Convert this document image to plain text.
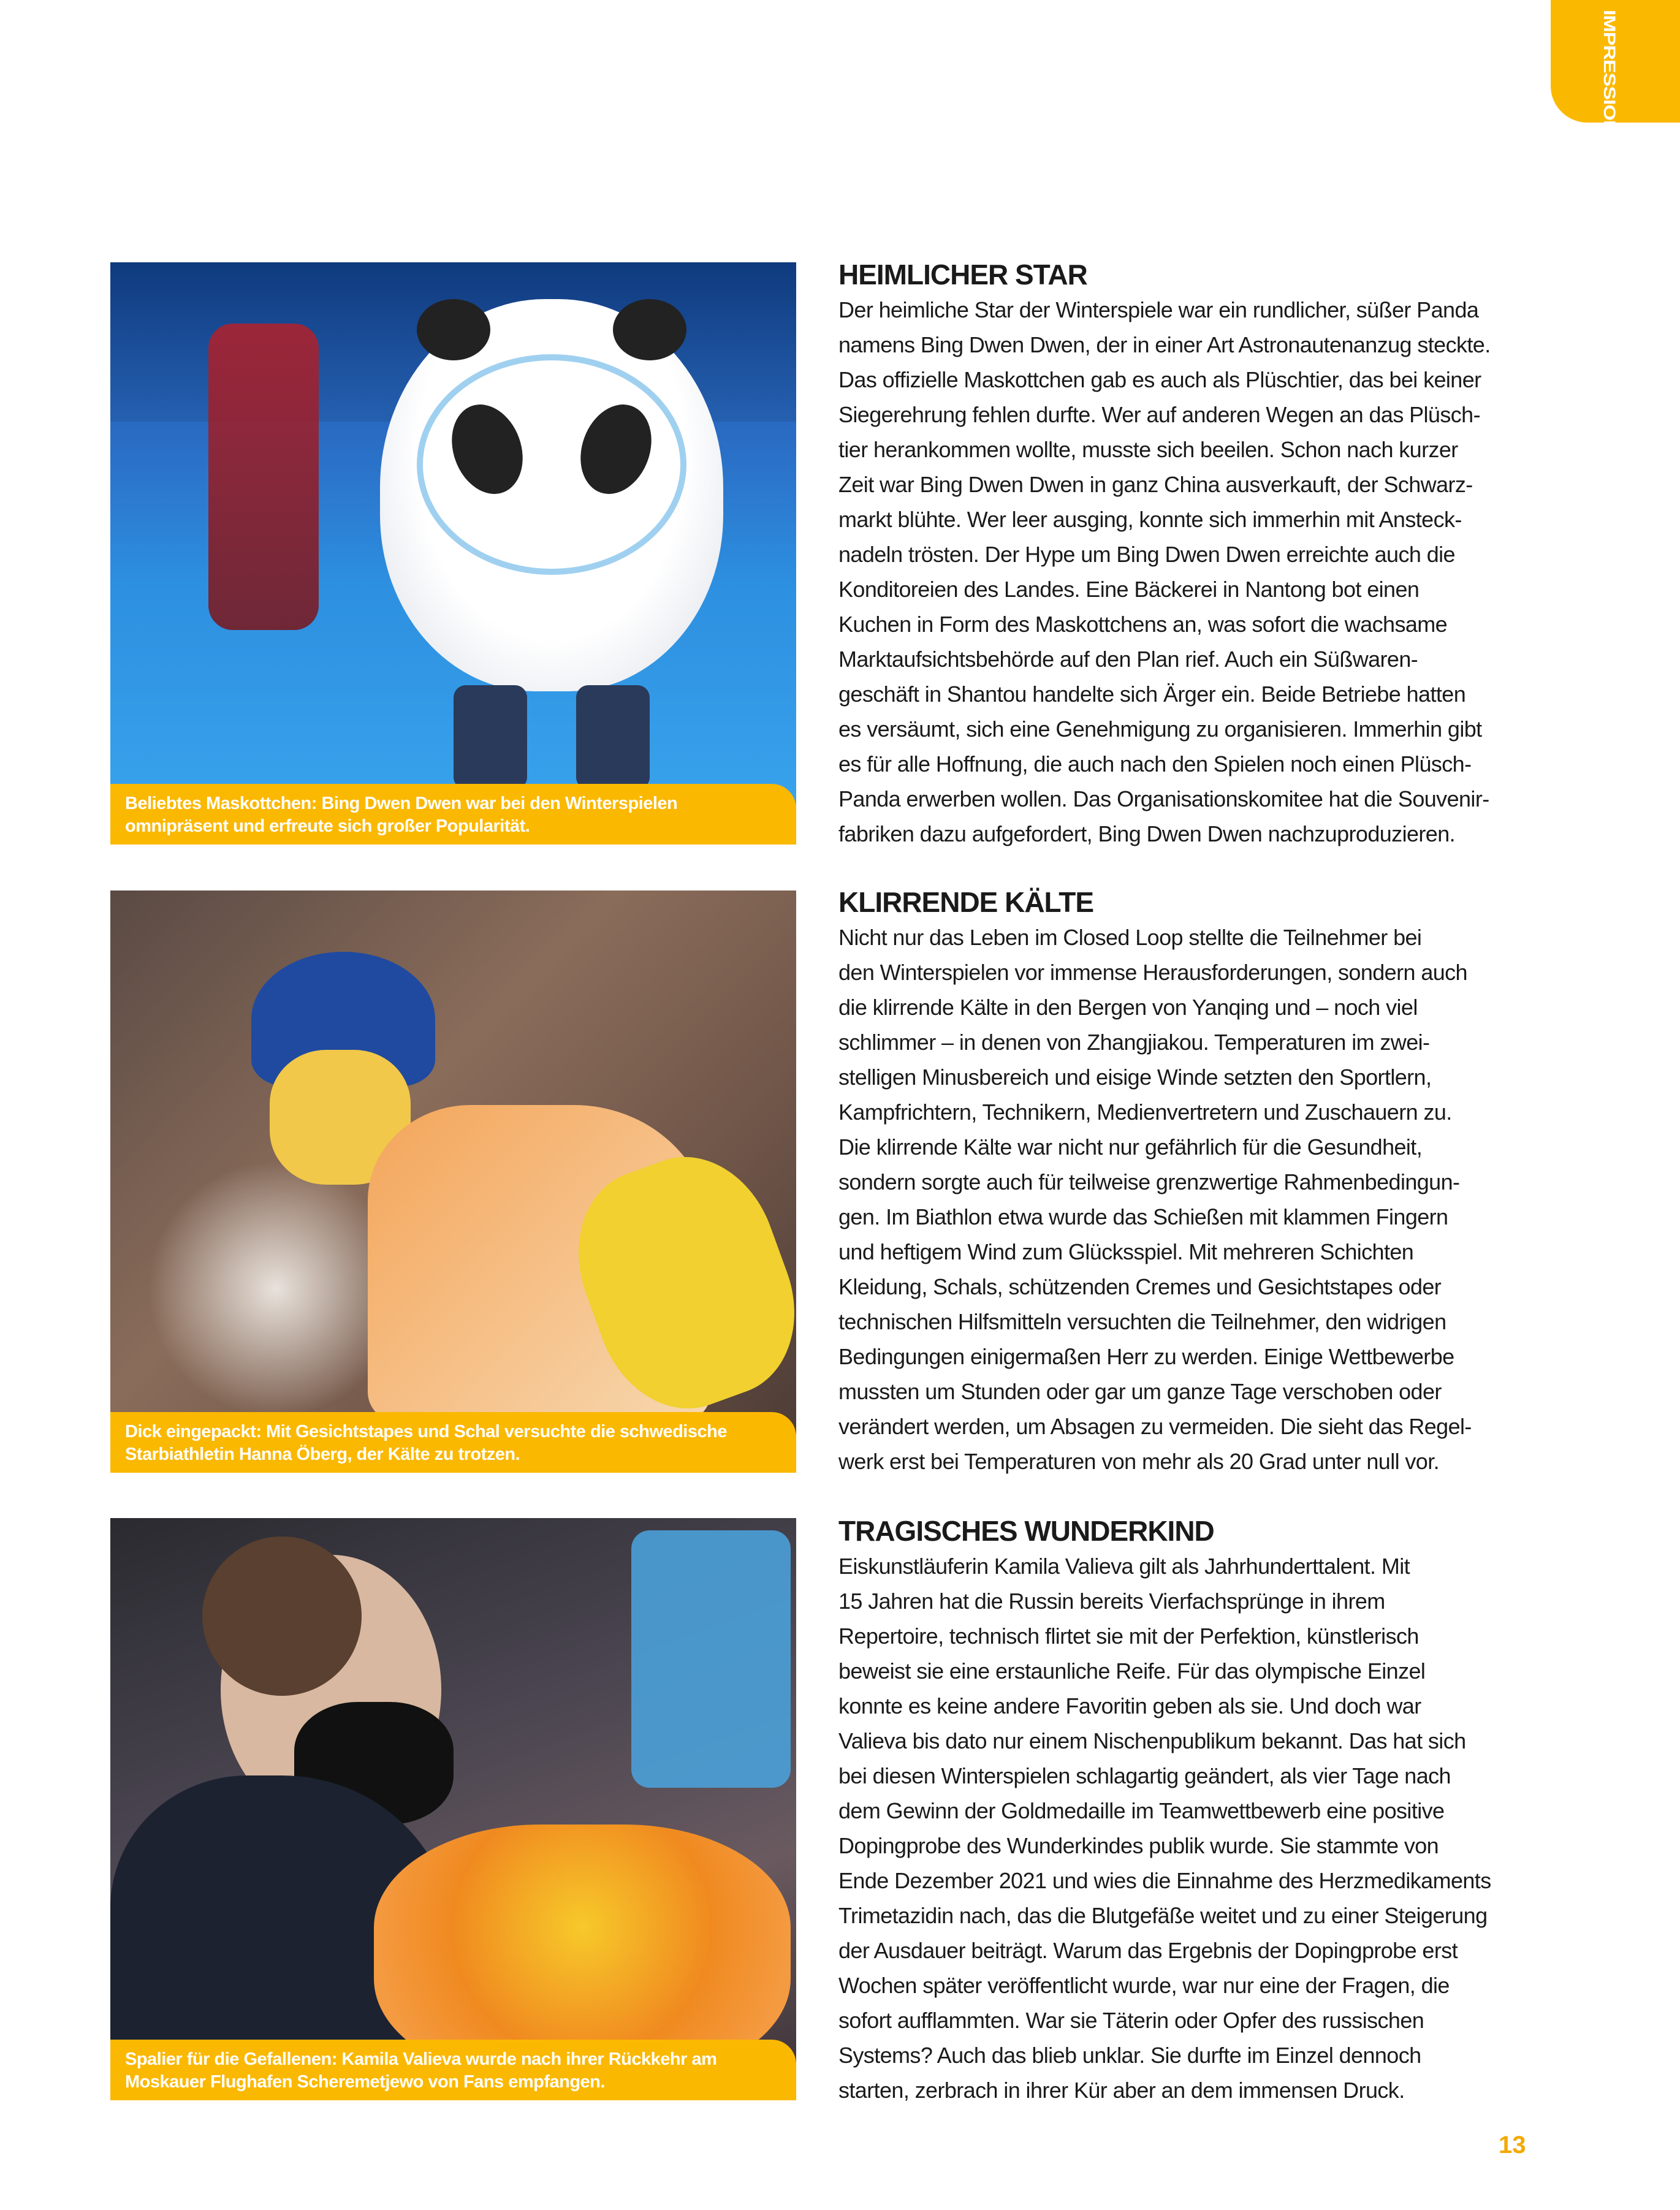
IMPRESSIONEN
Beliebtes Maskottchen: Bing Dwen Dwen war bei den Winterspielen
omnipräsent und erfreute sich großer Popularität.
Dick eingepackt: Mit Gesichtstapes und Schal versuchte die schwedische
Starbiathletin Hanna Öberg, der Kälte zu trotzen.
Spalier für die Gefallenen: Kamila Valieva wurde nach ihrer Rückkehr am
Moskauer Flughafen Scheremetjewo von Fans empfangen.
HEIMLICHER STAR
Der heimliche Star der Winterspiele war ein rundlicher, süßer Panda
namens Bing Dwen Dwen, der in einer Art Astronautenanzug steckte.
Das offizielle Maskottchen gab es auch als Plüschtier, das bei keiner
Siegerehrung fehlen durfte. Wer auf anderen Wegen an das Plüsch-
tier herankommen wollte, musste sich beeilen. Schon nach kurzer
Zeit war Bing Dwen Dwen in ganz China ausverkauft, der Schwarz-
markt blühte. Wer leer ausging, konnte sich immerhin mit Ansteck-
nadeln trösten. Der Hype um Bing Dwen Dwen erreichte auch die
Konditoreien des Landes. Eine Bäckerei in Nantong bot einen
Kuchen in Form des Maskottchens an, was sofort die wachsame
Marktaufsichtsbehörde auf den Plan rief. Auch ein Süßwaren-
geschäft in Shantou handelte sich Ärger ein. Beide Betriebe hatten
es versäumt, sich eine Genehmigung zu organisieren. Immerhin gibt
es für alle Hoffnung, die auch nach den Spielen noch einen Plüsch-
Panda erwerben wollen. Das Organisationskomitee hat die Souvenir-
fabriken dazu aufgefordert, Bing Dwen Dwen nachzuproduzieren.
KLIRRENDE KÄLTE
Nicht nur das Leben im Closed Loop stellte die Teilnehmer bei
den Winterspielen vor immense Herausforderungen, sondern auch
die klirrende Kälte in den Bergen von Yanqing und – noch viel
schlimmer – in denen von Zhangjiakou. Temperaturen im zwei-
stelligen Minusbereich und eisige Winde setzten den Sportlern,
Kampfrichtern, Technikern, Medienvertretern und Zuschauern zu.
Die klirrende Kälte war nicht nur gefährlich für die Gesundheit,
sondern sorgte auch für teilweise grenzwertige Rahmenbedingun-
gen. Im Biathlon etwa wurde das Schießen mit klammen Fingern
und heftigem Wind zum Glücksspiel. Mit mehreren Schichten
Kleidung, Schals, schützenden Cremes und Gesichtstapes oder
technischen Hilfsmitteln versuchten die Teilnehmer, den widrigen
Bedingungen einigermaßen Herr zu werden. Einige Wettbewerbe
mussten um Stunden oder gar um ganze Tage verschoben oder
verändert werden, um Absagen zu vermeiden. Die sieht das Regel-
werk erst bei Temperaturen von mehr als 20 Grad unter null vor.
TRAGISCHES WUNDERKIND
Eiskunstläuferin Kamila Valieva gilt als Jahrhunderttalent. Mit
15 Jahren hat die Russin bereits Vierfachsprünge in ihrem
Repertoire, technisch flirtet sie mit der Perfektion, künstlerisch
beweist sie eine erstaunliche Reife. Für das olympische Einzel
konnte es keine andere Favoritin geben als sie. Und doch war
Valieva bis dato nur einem Nischenpublikum bekannt. Das hat sich
bei diesen Winterspielen schlagartig geändert, als vier Tage nach
dem Gewinn der Goldmedaille im Teamwettbewerb eine positive
Dopingprobe des Wunderkindes publik wurde. Sie stammte von
Ende Dezember 2021 und wies die Einnahme des Herzmedikaments
Trimetazidin nach, das die Blutgefäße weitet und zu einer Steigerung
der Ausdauer beiträgt. Warum das Ergebnis der Dopingprobe erst
Wochen später veröffentlicht wurde, war nur eine der Fragen, die
sofort aufflammten. War sie Täterin oder Opfer des russischen
Systems? Auch das blieb unklar. Sie durfte im Einzel dennoch
starten, zerbrach in ihrer Kür aber an dem immensen Druck.
13
